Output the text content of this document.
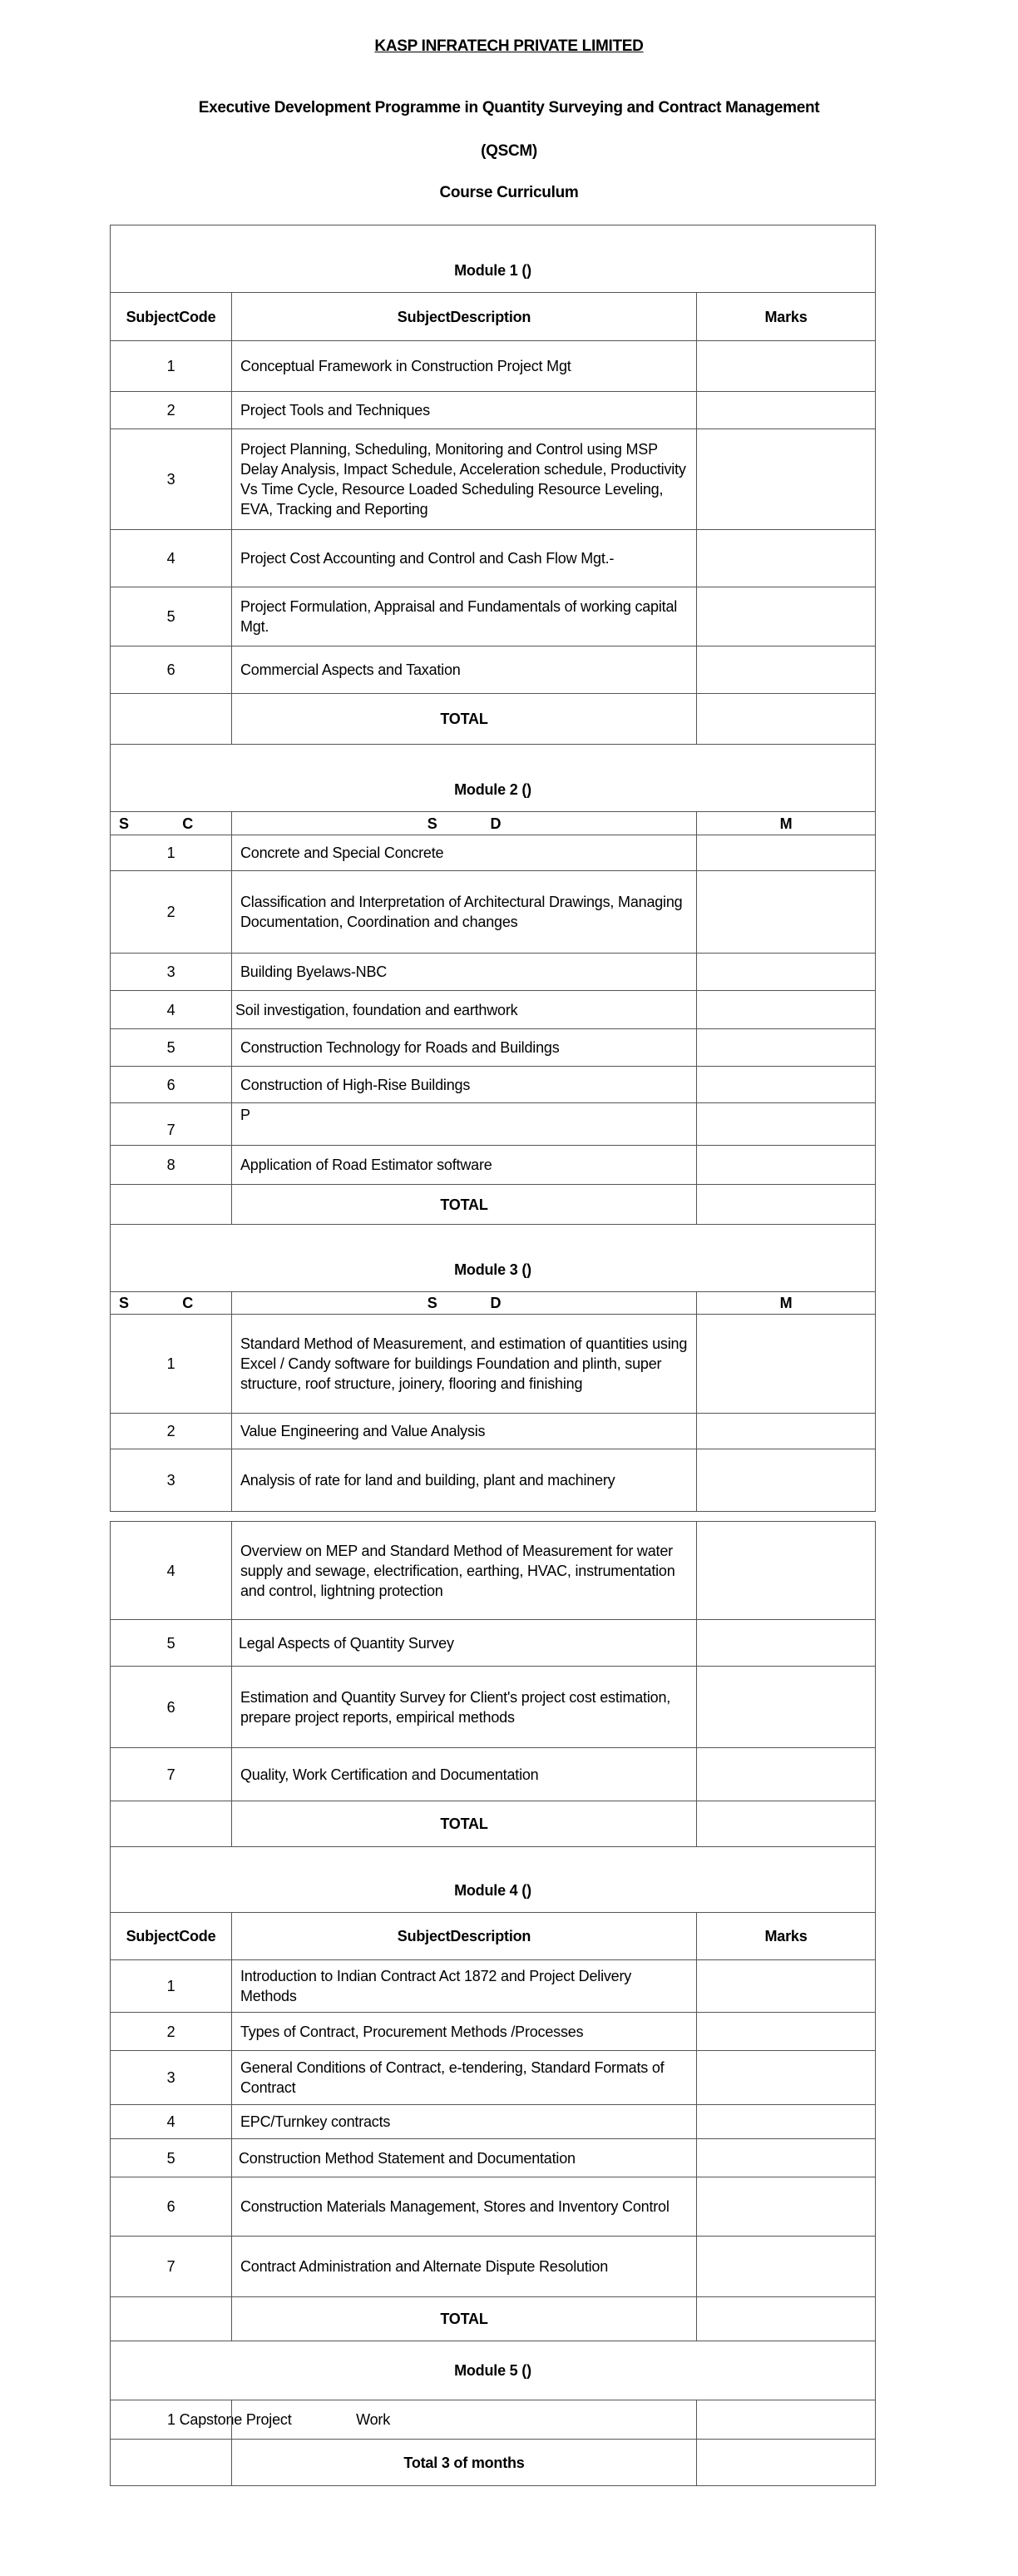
KASP INFRATECH PRIVATE LIMITED
Executive Development Programme in Quantity Surveying and Contract Management
(QSCM)
Course Curriculum
Module 1 ()		
SubjectCode	SubjectDescription	Marks
1	Conceptual Framework in Construction Project Mgt	
2	Project Tools and Techniques	
3	Project Planning, Scheduling, Monitoring and Control using MSP Delay Analysis, Impact Schedule, Acceleration schedule, Productivity Vs Time Cycle, Resource Loaded Scheduling Resource Leveling, EVA, Tracking and Reporting	
4	Project Cost Accounting and Control and Cash Flow Mgt.-	
5	Project Formulation, Appraisal and Fundamentals of working capital Mgt.	
6	Commercial Aspects and Taxation	
	TOTAL	
Module 2 ()		

S C	S D	M
1	Concrete and Special Concrete	
2	Classification and Interpretation of Architectural Drawings, Managing Documentation, Coordination and changes	
3	Building Byelaws-NBC	
4	Soil investigation, foundation and earthwork	
5	Construction Technology for Roads and Buildings	
6	Construction of High-Rise Buildings	
7	P	
8	Application of Road Estimator software	
	TOTAL	
Module 3 ()		

S C	S D	M
1	Standard Method of Measurement, and estimation of quantities using Excel / Candy software for buildings Foundation and plinth, super structure, roof structure, joinery, flooring and finishing	
2	Value Engineering and Value Analysis	
3	Analysis of rate for land and building, plant and machinery	
4	Overview on MEP and Standard Method of Measurement for water supply and sewage, electrification, earthing, HVAC, instrumentation and control, lightning protection	
5	Legal Aspects of Quantity Survey	
6	Estimation and Quantity Survey for Client's project cost estimation, prepare project reports, empirical methods	
7	Quality, Work Certification and Documentation	
	TOTAL	
Module 4 ()		
SubjectCode	SubjectDescription	Marks
1	Introduction to Indian Contract Act 1872 and Project Delivery Methods	
2	Types of Contract, Procurement Methods /Processes	
3	General Conditions of Contract, e-tendering, Standard Formats of Contract	
4	EPC/Turnkey contracts	
5	Construction Method Statement and Documentation	
6	Construction Materials Management, Stores and Inventory Control	
7	Contract Administration and Alternate Dispute Resolution	
	TOTAL	
Module 5 ()		
1 Capstone Project Work	

	Total 3 of months	
